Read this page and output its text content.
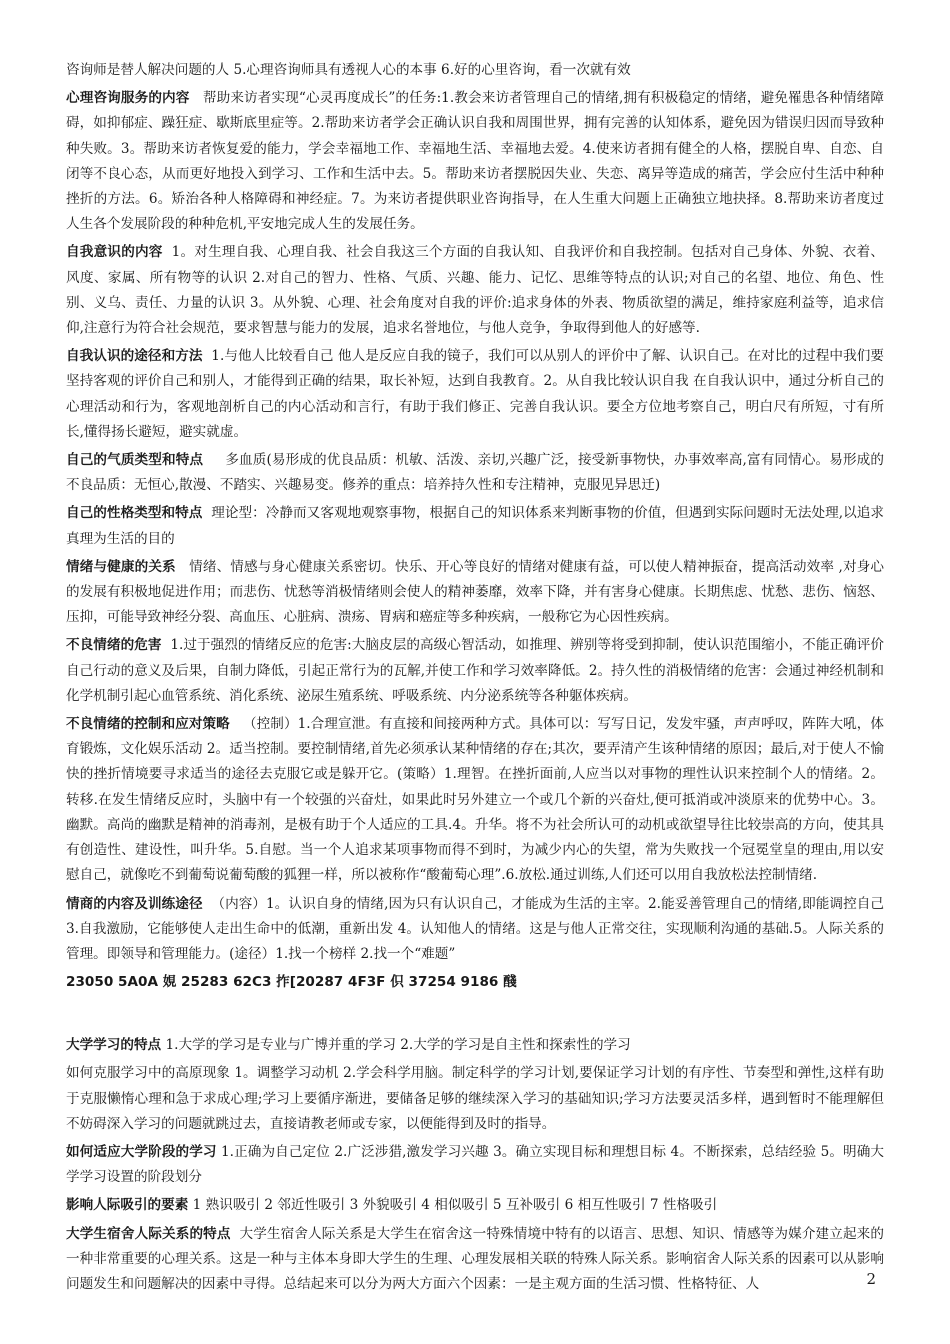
咨询师是替人解决问题的人 5.心理咨询师具有透视人心的本事 6.好的心里咨询，看一次就有效

心理咨询服务的内容 帮助来访者实现“心灵再度成长”的任务:1.教会来访者管理自己的情绪,拥有积极稳定的情绪，避免罹患各种情绪障碍，如抑郁症、躁狂症、歇斯底里症等。2.帮助来访者学会正确认识自我和周围世界，拥有完善的认知体系，避免因为错误归因而导致种种失败。3。帮助来访者恢复爱的能力，学会幸福地工作、幸福地生活、幸福地去爱。4.使来访者拥有健全的人格，摆脱自卑、自恋、自闭等不良心态，从而更好地投入到学习、工作和生活中去。5。帮助来访者摆脱因失业、失恋、离异等造成的痛苦，学会应付生活中种种挫折的方法。6。矫治各种人格障碍和神经症。7。为来访者提供职业咨询指导，在人生重大问题上正确独立地抉择。8.帮助来访者度过人生各个发展阶段的种种危机,平安地完成人生的发展任务。

自我意识的内容 1。对生理自我、心理自我、社会自我这三个方面的自我认知、自我评价和自我控制。包括对自己身体、外貌、衣着、风度、家属、所有物等的认识 2.对自己的智力、性格、气质、兴趣、能力、记忆、思维等特点的认识;对自己的名望、地位、角色、性别、义乌、责任、力量的认识 3。从外貌、心理、社会角度对自我的评价:追求身体的外表、物质欲望的满足，维持家庭利益等，追求信仰,注意行为符合社会规范，要求智慧与能力的发展，追求名誉地位，与他人竞争，争取得到他人的好感等.

自我认识的途径和方法 1.与他人比较看自己 他人是反应自我的镜子，我们可以从别人的评价中了解、认识自己。在对比的过程中我们要坚持客观的评价自己和别人，才能得到正确的结果，取长补短，达到自我教育。2。从自我比较认识自我 在自我认识中，通过分析自己的心理活动和行为，客观地剖析自己的内心活动和言行，有助于我们修正、完善自我认识。要全方位地考察自己，明白尺有所短，寸有所长,懂得扬长避短，避实就虚。

自己的气质类型和特点 多血质(易形成的优良品质：机敏、活泼、亲切,兴趣广泛，接受新事物快，办事效率高,富有同情心。易形成的不良品质：无恒心,散漫、不踏实、兴趣易变。修养的重点：培养持久性和专注精神，克服见异思迁)

自己的性格类型和特点 理论型：冷静而又客观地观察事物，根据自己的知识体系来判断事物的价值，但遇到实际问题时无法处理,以追求真理为生活的目的

情绪与健康的关系 情绪、情感与身心健康关系密切。快乐、开心等良好的情绪对健康有益，可以使人精神振奋，提高活动效率 ,对身心的发展有积极地促进作用；而悲伤、忧愁等消极情绪则会使人的精神萎靡，效率下降，并有害身心健康。长期焦虑、忧愁、悲伤、恼怒、压抑，可能导致神经分裂、高血压、心脏病、溃疡、胃病和癌症等多种疾病，一般称它为心因性疾病。

不良情绪的危害 1.过于强烈的情绪反应的危害:大脑皮层的高级心智活动，如推理、辨别等将受到抑制，使认识范围缩小，不能正确评价自己行动的意义及后果，自制力降低，引起正常行为的瓦解,并使工作和学习效率降低。2。持久性的消极情绪的危害：会通过神经机制和化学机制引起心血管系统、消化系统、泌尿生殖系统、呼吸系统、内分泌系统等各种躯体疾病。

不良情绪的控制和应对策略 （控制）1.合理宣泄。有直接和间接两种方式。具体可以：写写日记，发发牢骚，声声呼叹，阵阵大吼，体育锻炼，文化娱乐活动 2。适当控制。要控制情绪,首先必须承认某种情绪的存在;其次，要弄清产生该种情绪的原因；最后,对于使人不愉快的挫折情境要寻求适当的途径去克服它或是躲开它。(策略）1.理智。在挫折面前,人应当以对事物的理性认识来控制个人的情绪。2。转移.在发生情绪反应时，头脑中有一个较强的兴奋灶，如果此时另外建立一个或几个新的兴奋灶,便可抵消或冲淡原来的优势中心。3。幽默。高尚的幽默是精神的消毒剂，是极有助于个人适应的工具.4。升华。将不为社会所认可的动机或欲望导往比较崇高的方向，使其具有创造性、建设性，叫升华。5.自慰。当一个人追求某项事物而得不到时，为减少内心的失望，常为失败找一个冠冕堂皇的理由,用以安慰自己，就像吃不到葡萄说葡萄酸的狐狸一样，所以被称作“酸葡萄心理”.6.放松.通过训练,人们还可以用自我放松法控制情绪.

情商的内容及训练途径 （内容）1。认识自身的情绪,因为只有认识自己，才能成为生活的主宰。2.能妥善管理自己的情绪,即能调控自己 3.自我激励，它能够使人走出生命中的低潮，重新出发 4。认知他人的情绪。这是与他人正常交往，实现顺利沟通的基础.5。人际关系的管理。即领导和管理能力。(途径）1.找一个榜样 2.找一个“难题”

23050 5A0A 娊 25283 62C3 拃[20287 4F3F 伿 37254 9186 醆

大学学习的特点 1.大学的学习是专业与广博并重的学习 2.大学的学习是自主性和探索性的学习

如何克服学习中的高原现象 1。调整学习动机 2.学会科学用脑。制定科学的学习计划,要保证学习计划的有序性、节奏型和弹性,这样有助于克服懒惰心理和急于求成心理;学习上要循序渐进，要储备足够的继续深入学习的基础知识;学习方法要灵活多样，遇到暂时不能理解但不妨碍深入学习的问题就跳过去，直接请教老师或专家，以便能得到及时的指导。

如何适应大学阶段的学习 1.正确为自己定位 2.广泛涉猎,激发学习兴趣 3。确立实现目标和理想目标 4。不断探索，总结经验 5。明确大学学习设置的阶段划分

影响人际吸引的要素 1 熟识吸引 2 邻近性吸引 3 外貌吸引 4 相似吸引 5 互补吸引 6 相互性吸引 7 性格吸引

大学生宿舍人际关系的特点 大学生宿舍人际关系是大学生在宿舍这一特殊情境中特有的以语言、思想、知识、情感等为媒介建立起来的一种非常重要的心理关系。这是一种与主体本身即大学生的生理、心理发展相关联的特殊人际关系。影响宿舍人际关系的因素可以从影响问题发生和问题解决的因素中寻得。总结起来可以分为两大方面六个因素：一是主观方面的生活习惯、性格特征、人	2
